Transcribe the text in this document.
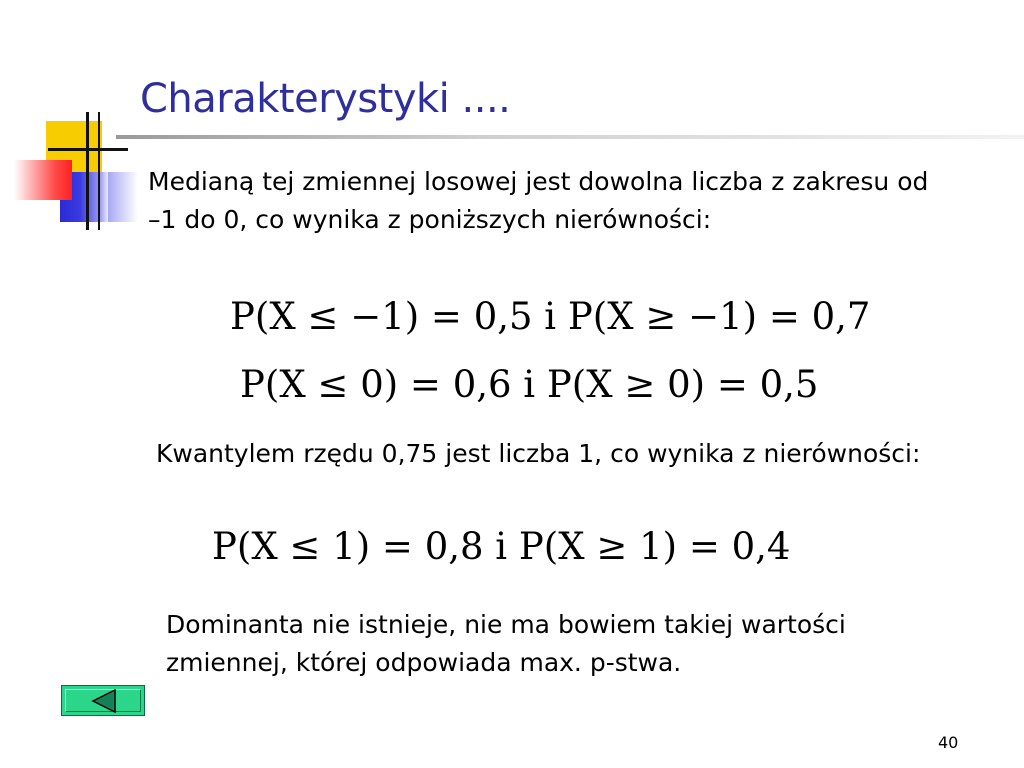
Charakterystyki ....

Medianą tej zmiennej losowej jest dowolna liczba z zakresu od –1 do 0, co wynika z poniższych nierówności:

P(X ≤ −1) = 0,5 i P(X ≥ −1) = 0,7

P(X ≤ 0) = 0,6 i P(X ≥ 0) = 0,5

Kwantylem rzędu 0,75 jest liczba 1, co wynika z nierówności:

P(X ≤ 1) = 0,8 i P(X ≥ 1) = 0,4

Dominanta nie istnieje, nie ma bowiem takiej wartości zmiennej, której odpowiada max. p-stwa.

40
